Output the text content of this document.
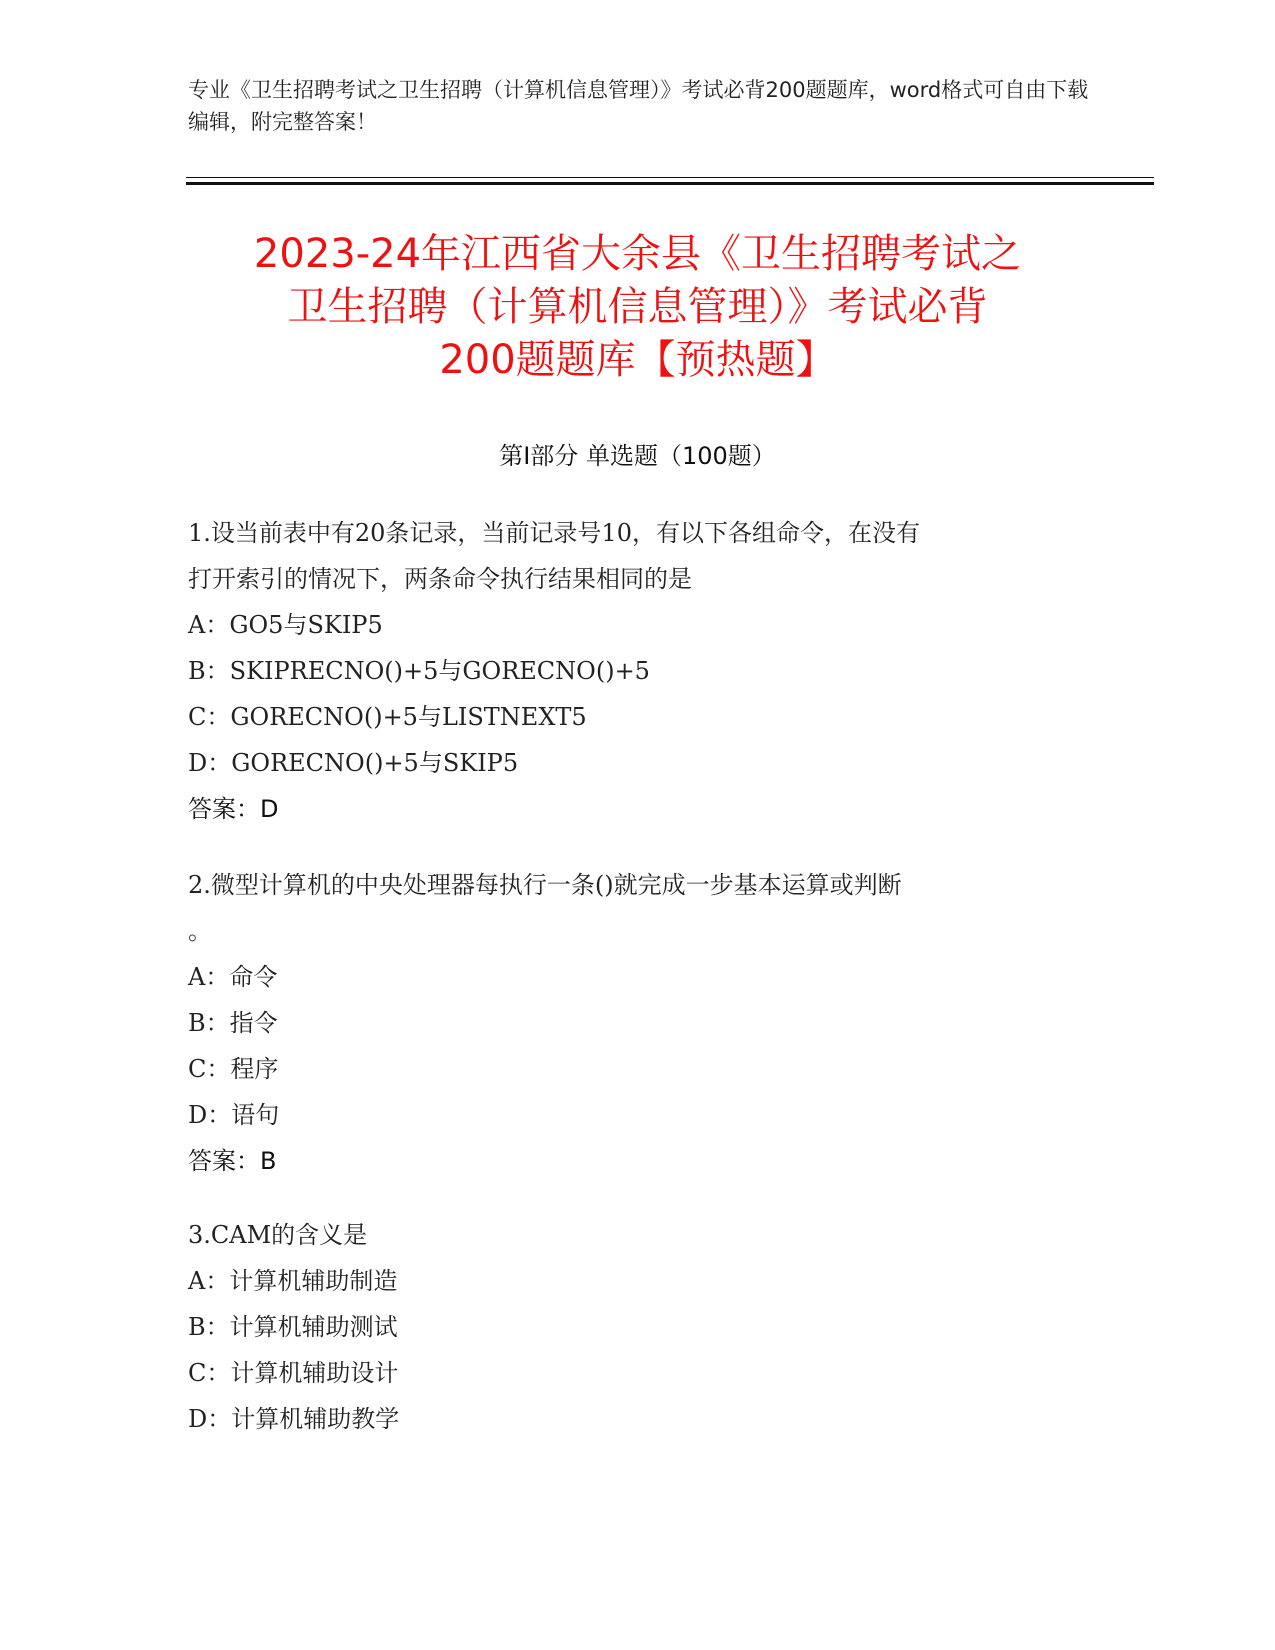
专业《卫生招聘考试之卫生招聘（计算机信息管理）》考试必背200题题库，word格式可自由下载编辑，附完整答案！

2023-24年江西省大余县《卫生招聘考试之
卫生招聘（计算机信息管理）》考试必背
200题题库【预热题】

第Ⅰ部分 单选题（100题）

1.设当前表中有20条记录，当前记录号10，有以下各组命令，在没有
打开索引的情况下，两条命令执行结果相同的是

A：GO5与SKIP5

B：SKIPRECNO()+5与GORECNO()+5

C：GORECNO()+5与LISTNEXT5

D：GORECNO()+5与SKIP5

答案：D

2.微型计算机的中央处理器每执行一条()就完成一步基本运算或判断
。

A：命令

B：指令

C：程序

D：语句

答案：B

3.CAM的含义是

A：计算机辅助制造

B：计算机辅助测试

C：计算机辅助设计

D：计算机辅助教学
